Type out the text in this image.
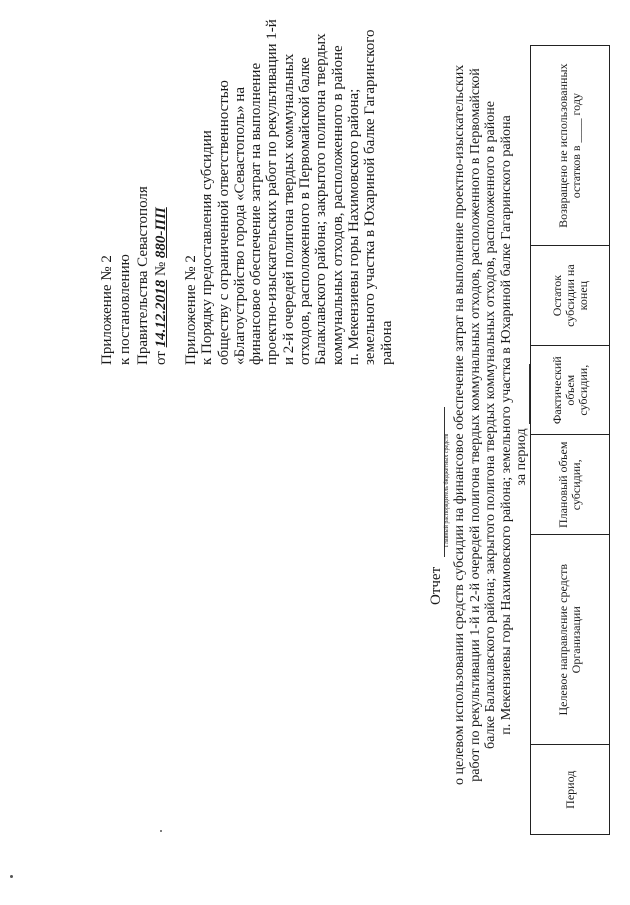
Приложение № 2 к постановлению Правительства Севастополя от 14.12.2018 № 880-ПП
Приложение № 2 к Порядку предоставления субсидии обществу с ограниченной ответственностью «Благоустройство города «Севастополь» на финансовое обеспечение затрат на выполнение проектно-изыскательских работ по рекультивации 1-й и 2-й очередей полигона твердых коммунальных отходов, расположенного в Первомайской балке Балаклавского района; закрытого полигона твердых коммунальных отходов, расположенного в районе п. Мекензиевы горы Нахимовского района; земельного участка в Юхариной балке Гагаринского района
Отчет
Главный распорядитель бюджетных средств о целевом использовании средств субсидии на финансовое обеспечение затрат на выполнение проектно-изыскательских работ по рекультивации 1-й и 2-й очередей полигона твердых коммунальных отходов, расположенного в Первомайской балке Балаклавского района; закрытого полигона твердых коммунальных отходов, расположенного в районе п. Мекензиевы горы Нахимовского района; земельного участка в Юхариной балке Гагаринского района за период
Период	Целевое направление средств Организации	Плановый объем субсидии,	Фактический объем субсидии,	Остаток субсидии на конец	Возвращено не использованных остатков в ____ году
